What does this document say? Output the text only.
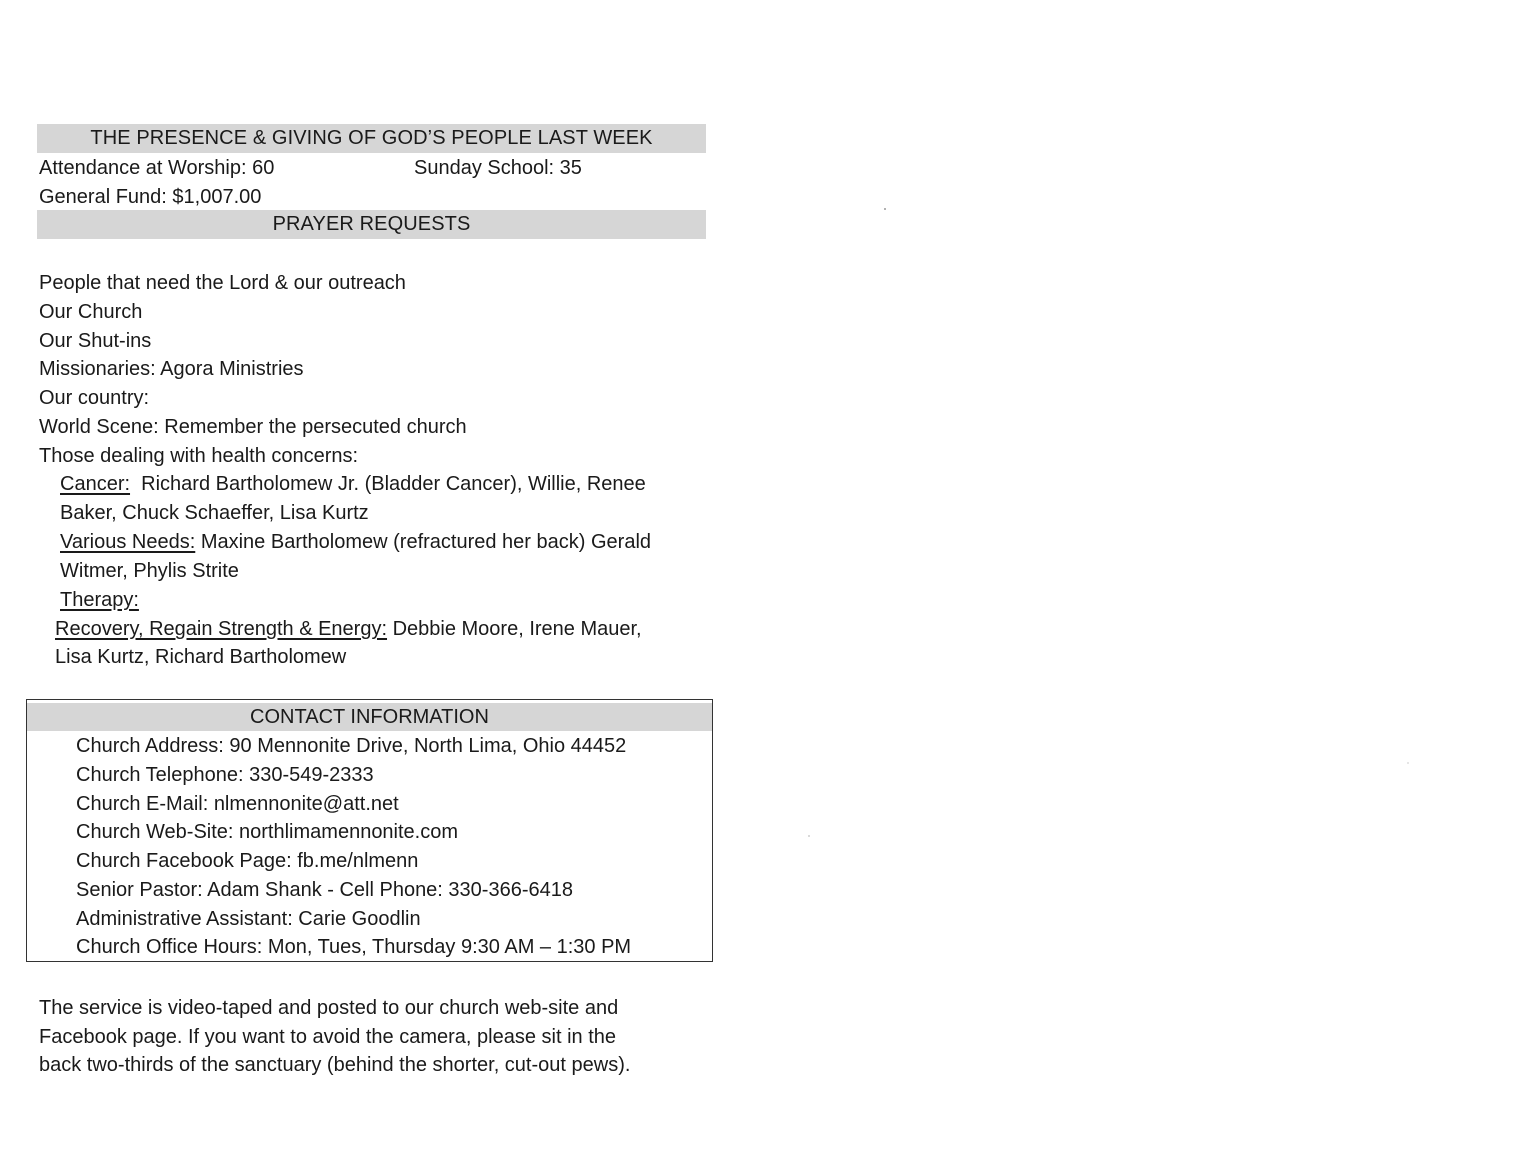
THE PRESENCE & GIVING OF GOD’S PEOPLE LAST WEEK
Attendance at Worship: 60	Sunday School: 35
General Fund: $1,007.00
PRAYER REQUESTS
People that need the Lord & our outreach
Our Church
Our Shut-ins
Missionaries: Agora Ministries
Our country:
World Scene: Remember the persecuted church
Those dealing with health concerns:
Cancer:  Richard Bartholomew Jr. (Bladder Cancer), Willie, Renee
Baker, Chuck Schaeffer, Lisa Kurtz
Various Needs: Maxine Bartholomew (refractured her back) Gerald
Witmer, Phylis Strite
Therapy:
Recovery, Regain Strength & Energy: Debbie Moore, Irene Mauer,
Lisa Kurtz, Richard Bartholomew
CONTACT INFORMATION
Church Address: 90 Mennonite Drive, North Lima, Ohio 44452
Church Telephone: 330-549-2333
Church E-Mail: nlmennonite@att.net
Church Web-Site: northlimamennonite.com
Church Facebook Page: fb.me/nlmenn
Senior Pastor: Adam Shank - Cell Phone: 330-366-6418
Administrative Assistant: Carie Goodlin
Church Office Hours: Mon, Tues, Thursday 9:30 AM – 1:30 PM
The service is video-taped and posted to our church web-site and
Facebook page. If you want to avoid the camera, please sit in the
back two-thirds of the sanctuary (behind the shorter, cut-out pews).
